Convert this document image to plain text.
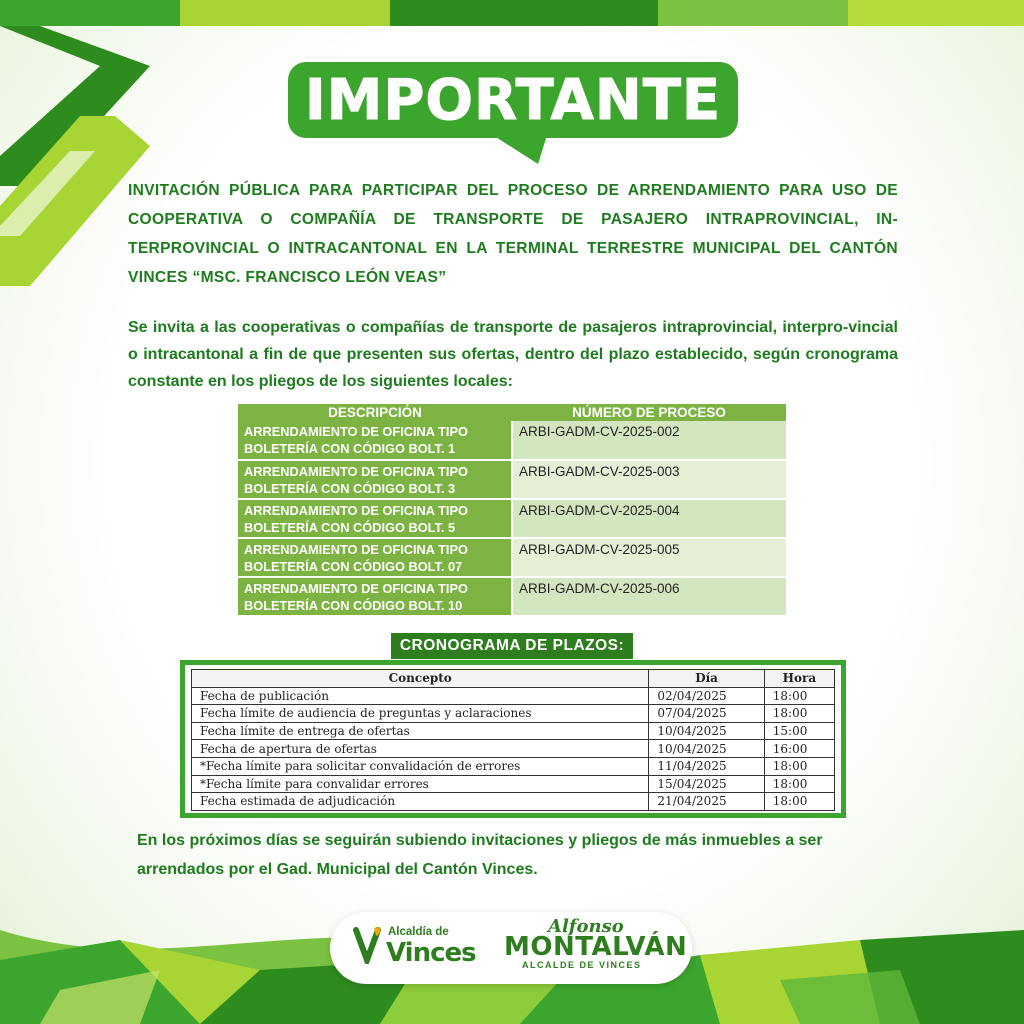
IMPORTANTE
INVITACIÓN PÚBLICA PARA PARTICIPAR DEL PROCESO DE ARRENDAMIENTO PARA USO DE COOPERATIVA O COMPAÑÍA DE TRANSPORTE DE PASAJERO INTRAPROVINCIAL, IN-TERPROVINCIAL O INTRACANTONAL EN LA TERMINAL TERRESTRE MUNICIPAL DEL CANTÓN VINCES “MSC. FRANCISCO LEÓN VEAS”
Se invita a las cooperativas o compañías de transporte de pasajeros intraprovincial, interpro-vincial o intracantonal a fin de que presenten sus ofertas, dentro del plazo establecido, según cronograma constante en los pliegos de los siguientes locales:
DESCRIPCIÓN	NÚMERO DE PROCESO
ARRENDAMIENTO DE OFICINA TIPO BOLETERÍA CON CÓDIGO BOLT. 1	ARBI-GADM-CV-2025-002
ARRENDAMIENTO DE OFICINA TIPO BOLETERÍA CON CÓDIGO BOLT. 3	ARBI-GADM-CV-2025-003
ARRENDAMIENTO DE OFICINA TIPO BOLETERÍA CON CÓDIGO BOLT. 5	ARBI-GADM-CV-2025-004
ARRENDAMIENTO DE OFICINA TIPO BOLETERÍA CON CÓDIGO BOLT. 07	ARBI-GADM-CV-2025-005
ARRENDAMIENTO DE OFICINA TIPO BOLETERÍA CON CÓDIGO BOLT. 10	ARBI-GADM-CV-2025-006
CRONOGRAMA DE PLAZOS:
Concepto	Día	Hora
Fecha de publicación	02/04/2025	18:00
Fecha límite de audiencia de preguntas y aclaraciones	07/04/2025	18:00
Fecha límite de entrega de ofertas	10/04/2025	15:00
Fecha de apertura de ofertas	10/04/2025	16:00
*Fecha límite para solicitar convalidación de errores	11/04/2025	18:00
*Fecha límite para convalidar errores	15/04/2025	18:00
Fecha estimada de adjudicación	21/04/2025	18:00
En los próximos días se seguirán subiendo invitaciones y pliegos de más inmuebles a ser arrendados por el Gad. Municipal del Cantón Vinces.
Alcaldía de
Vinces
Alfonso
MONTALVÁN
ALCALDE DE VINCES
